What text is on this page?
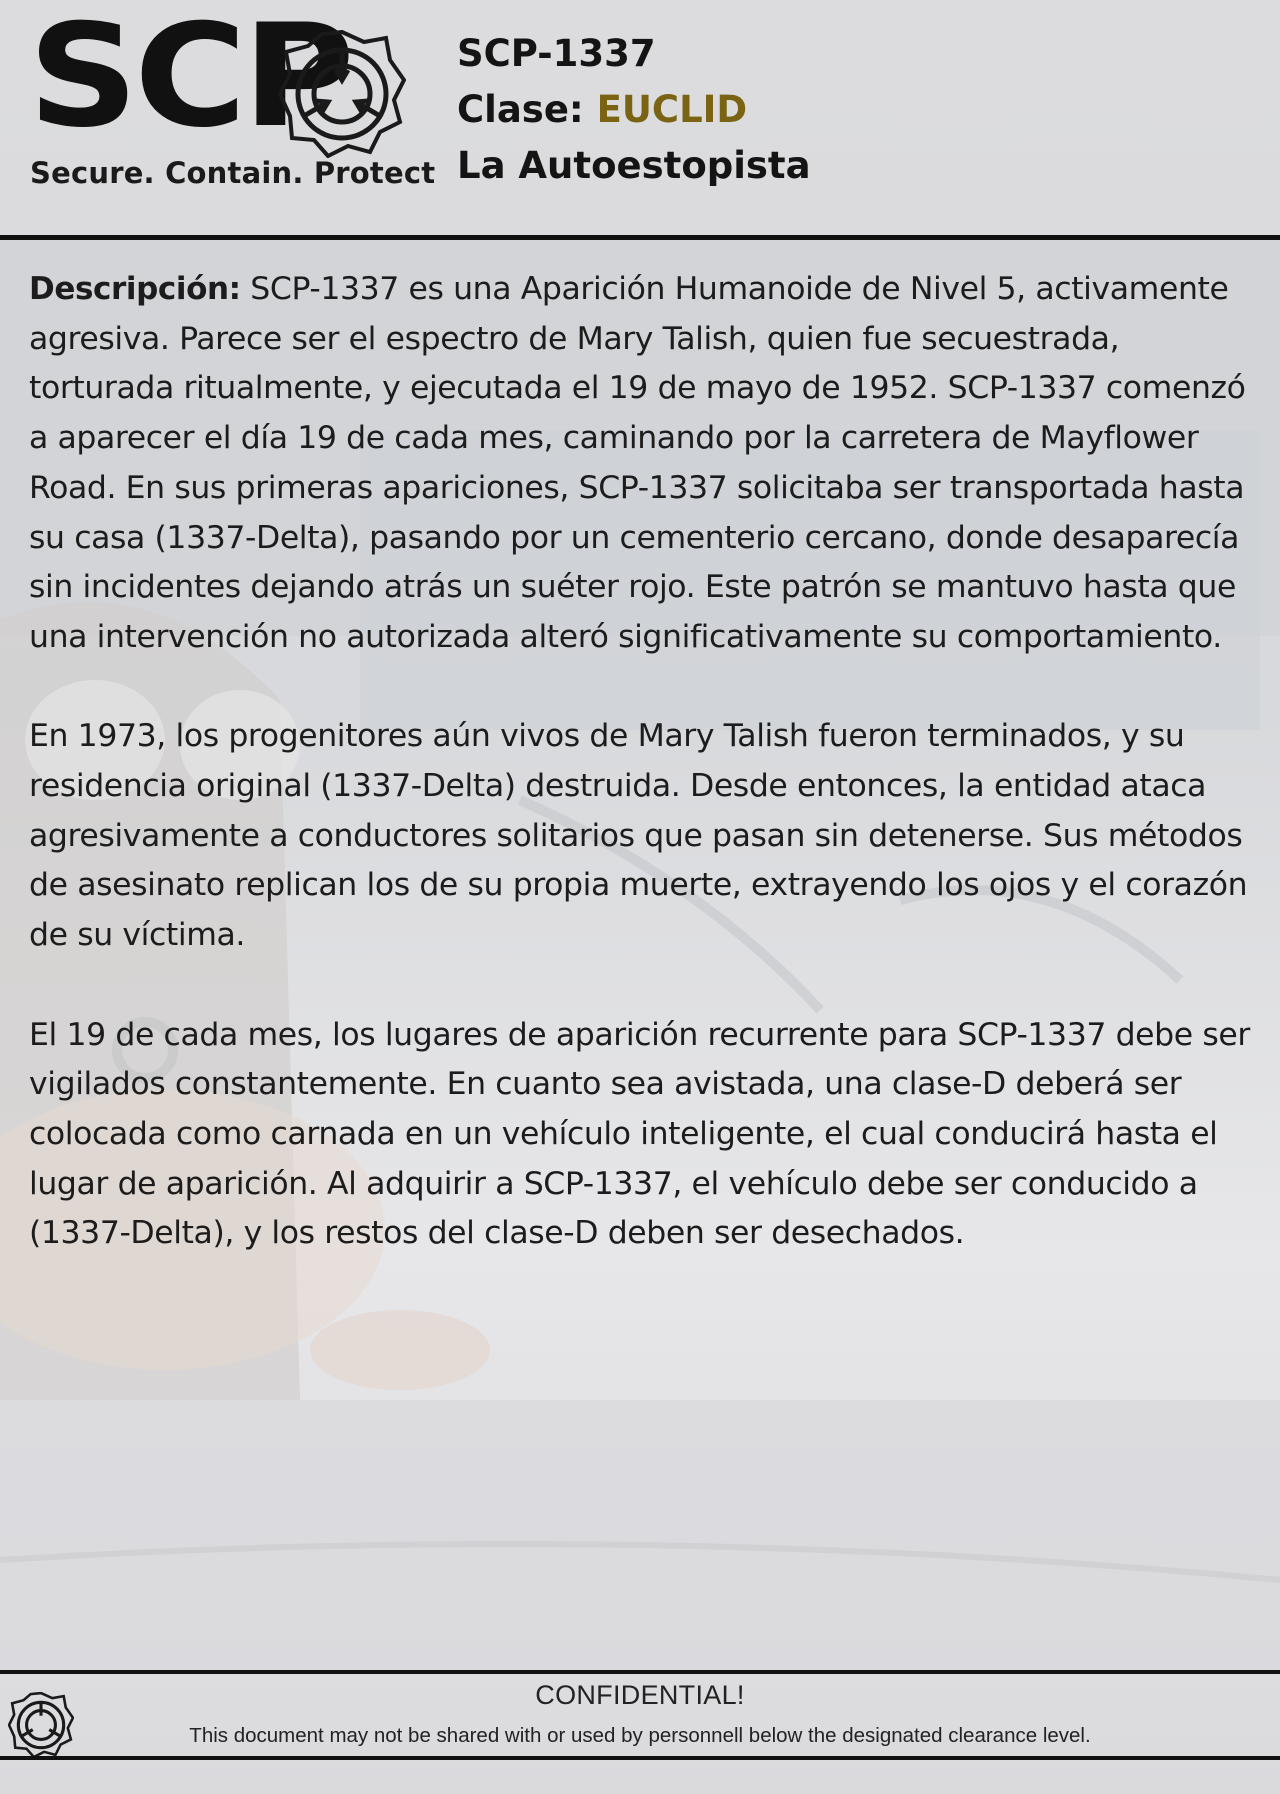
SCP
Secure. Contain. Protect
SCP-1337
Clase: EUCLID
La Autoestopista

Descripción: SCP-1337 es una Aparición Humanoide de Nivel 5, activamente agresiva. Parece ser el espectro de Mary Talish, quien fue secuestrada, torturada ritualmente, y ejecutada el 19 de mayo de 1952. SCP-1337 comenzó a aparecer el día 19 de cada mes, caminando por la carretera de Mayflower Road. En sus primeras apariciones, SCP-1337 solicitaba ser transportada hasta su casa (1337-Delta), pasando por un cementerio cercano, donde desaparecía sin incidentes dejando atrás un suéter rojo. Este patrón se mantuvo hasta que una intervención no autorizada alteró significativamente su comportamiento.

En 1973, los progenitores aún vivos de Mary Talish fueron terminados, y su residencia original (1337-Delta) destruida. Desde entonces, la entidad ataca agresivamente a conductores solitarios que pasan sin detenerse. Sus métodos de asesinato replican los de su propia muerte, extrayendo los ojos y el corazón de su víctima.

El 19 de cada mes, los lugares de aparición recurrente para SCP-1337 debe ser vigilados constantemente. En cuanto sea avistada, una clase-D deberá ser colocada como carnada en un vehículo inteligente, el cual conducirá hasta el lugar de aparición. Al adquirir a SCP-1337, el vehículo debe ser conducido a (1337-Delta), y los restos del clase-D deben ser desechados.

CONFIDENTIAL!
This document may not be shared with or used by personnell below the designated clearance level.
